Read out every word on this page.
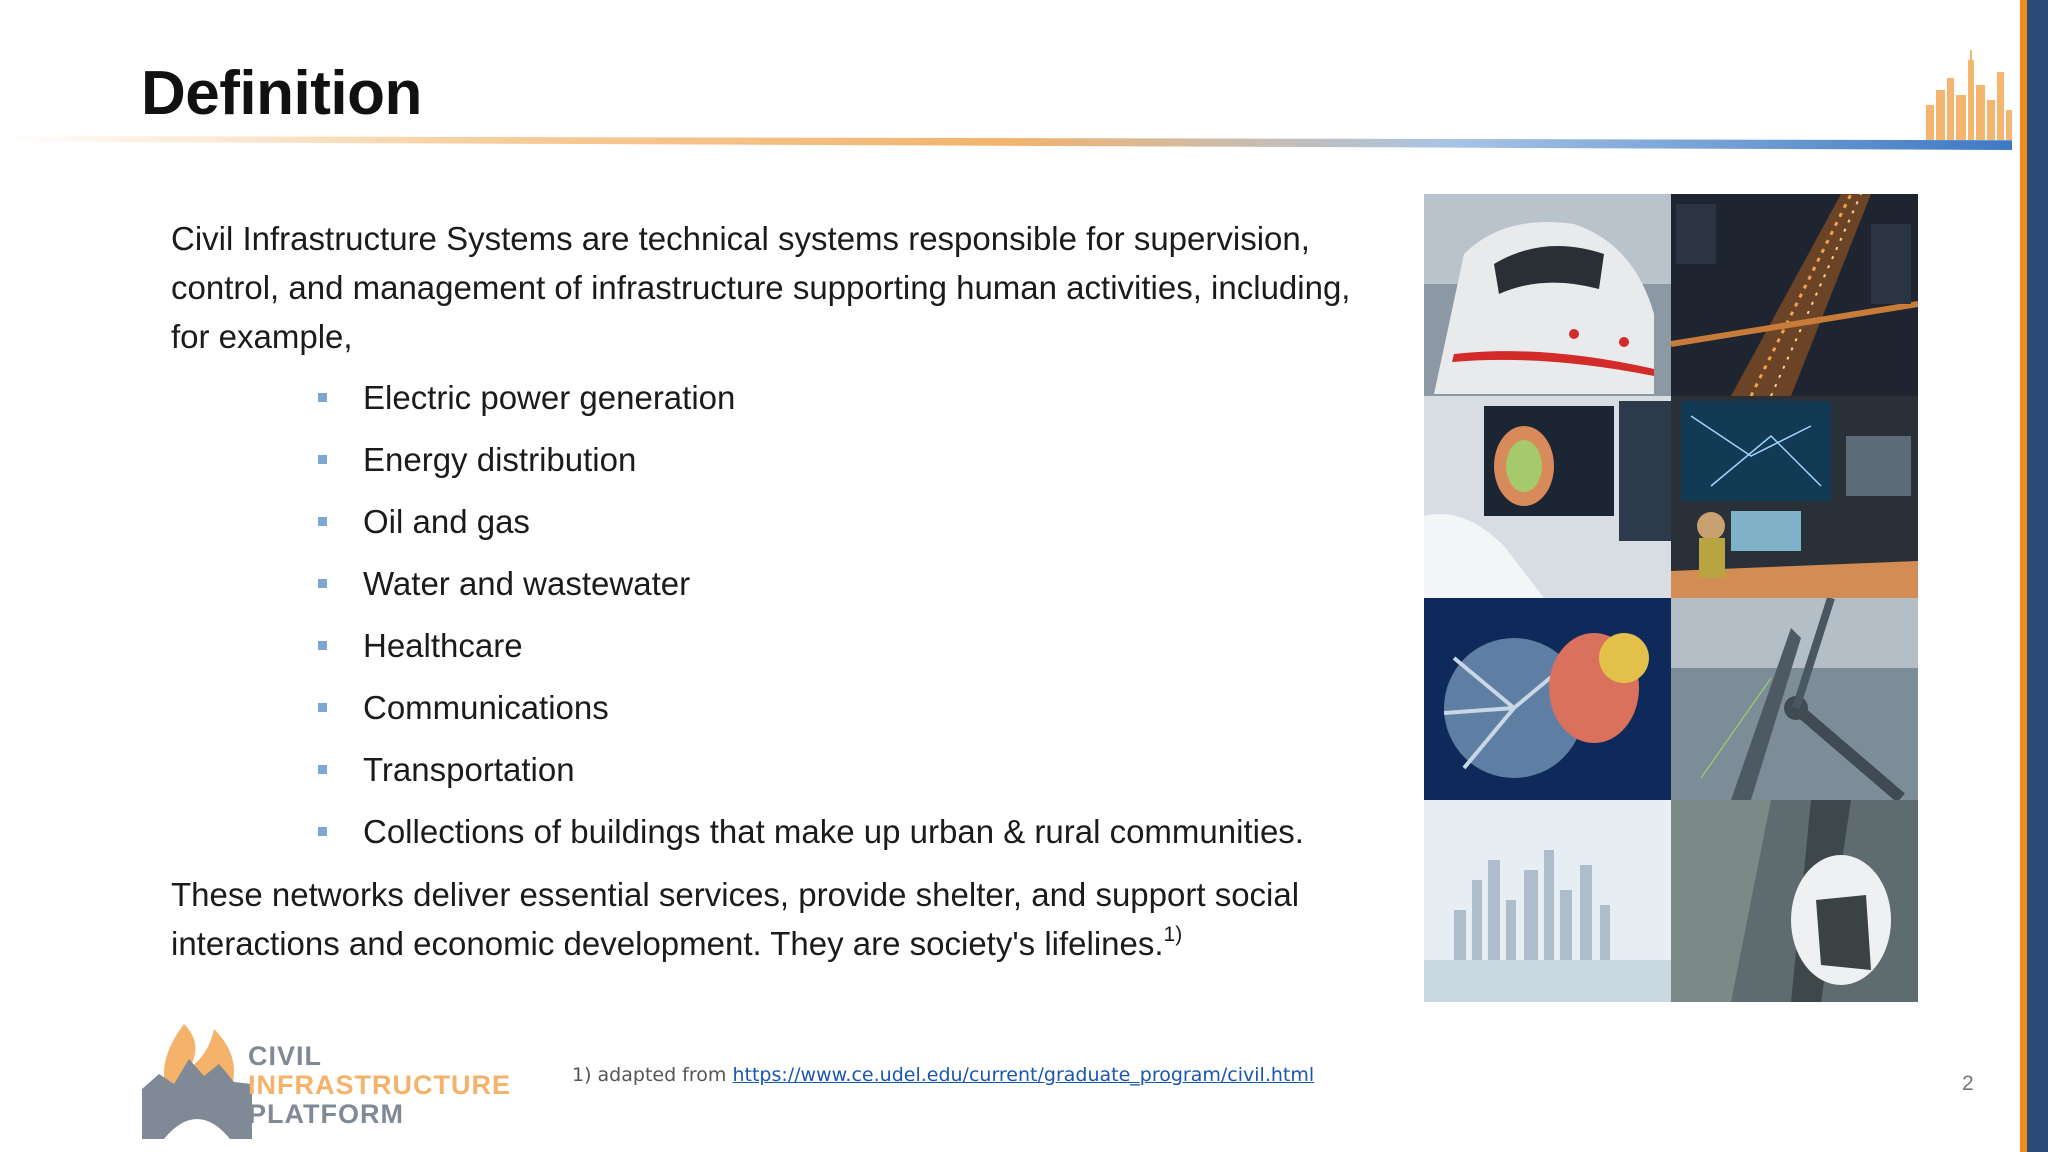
Definition
Civil Infrastructure Systems are technical systems responsible for supervision, control, and management of infrastructure supporting human activities, including, for example,
Electric power generation
Energy distribution
Oil and gas
Water and wastewater
Healthcare
Communications
Transportation
Collections of buildings that make up urban & rural communities.
These networks deliver essential services, provide shelter, and support social interactions and economic development. They are society's lifelines.$^{1)}$
CIVIL
INFRASTRUCTURE
PLATFORM
1) adapted from https://www.ce.udel.edu/current/graduate_program/civil.html	2
